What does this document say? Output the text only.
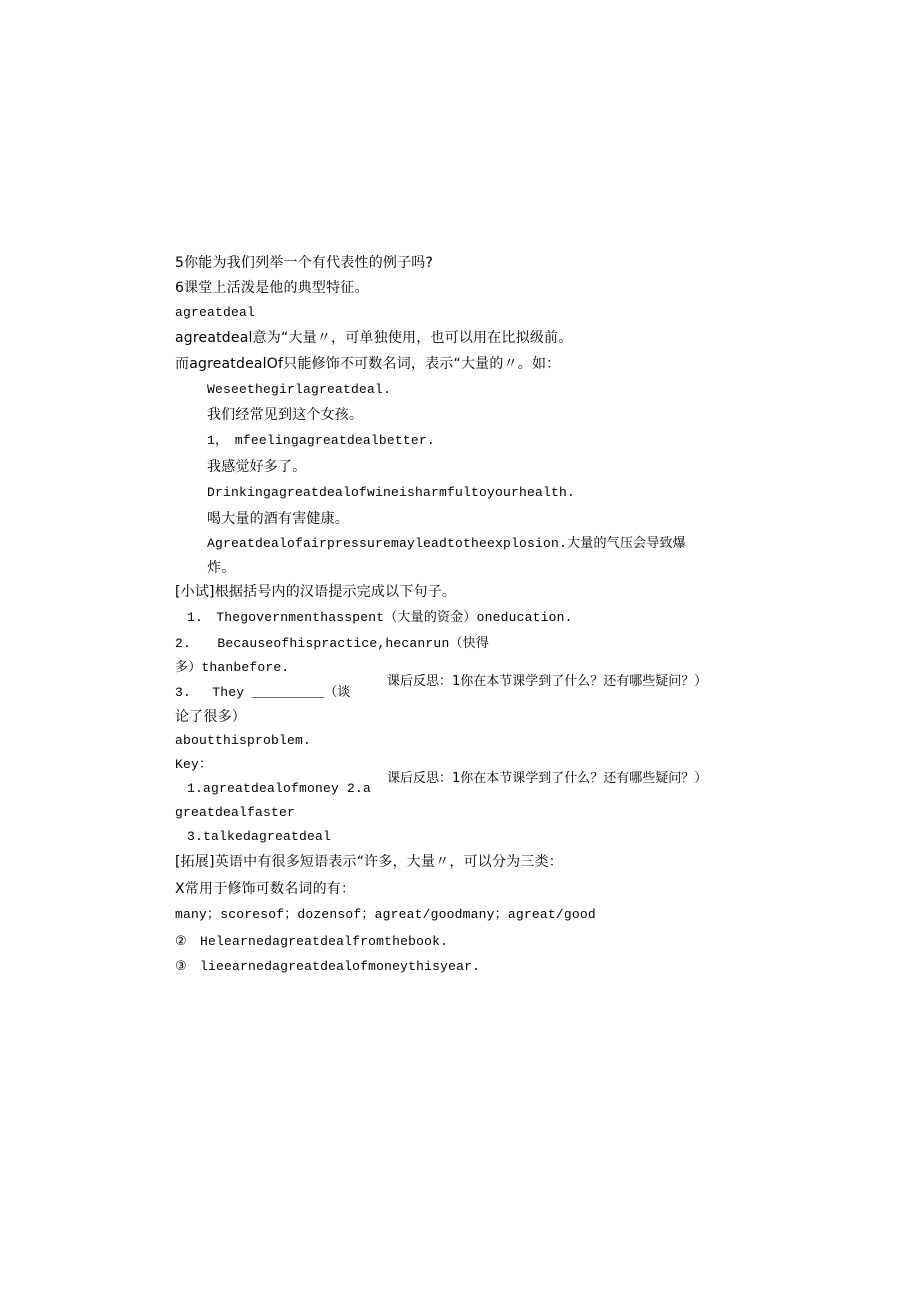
5你能为我们列举一个有代表性的例子吗?
6课堂上活泼是他的典型特征。
agreatdeal
agreatdeal意为“大量〃，可单独使用，也可以用在比拟级前。
而agreatdealOf只能修饰不可数名词，表示“大量的〃。如：
Weseethegirlagreatdeal.
我们经常见到这个女孩。
1，　mfeelingagreatdealbetter.
我感觉好多了。
Drinkingagreatdealofwineisharmfultoyourhealth.
喝大量的酒有害健康。
Agreatdealofairpressuremayleadtotheexplosion.大量的气压会导致爆
炸。
[小试]根据括号内的汉语提示完成以下句子。
1.　Thegovernmenthasspent（大量的资金）oneducation.
2.　　Becauseofhispractice,hecanrun（快得
多）thanbefore.
3.　 They _________（谈
论了很多）
aboutthisproblem.
Key：
1.agreatdealofmoney 2.a
greatdealfaster
3.talkedagreatdeal
[拓展]英语中有很多短语表示“许多，大量〃，可以分为三类：
X常用于修饰可数名词的有：
many；scoresof；dozensof；agreat/goodmany；agreat/good
②　Helearnedagreatdealfromthebook.
③　lieearnedagreatdealofmoneythisyear.
课后反思：1你在本节课学到了什么？还有哪些疑问？）
课后反思：1你在本节课学到了什么？还有哪些疑问？）
